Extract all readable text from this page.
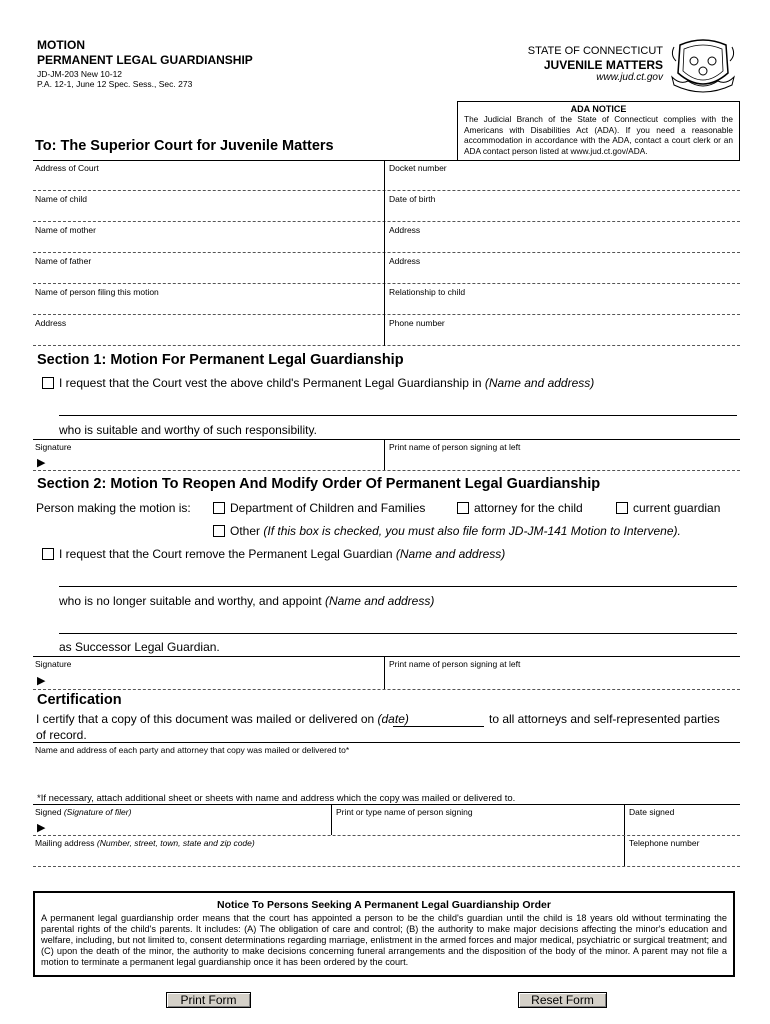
MOTION
PERMANENT LEGAL GUARDIANSHIP
JD-JM-203 New 10-12
P.A. 12-1, June 12 Spec. Sess., Sec. 273
STATE OF CONNECTICUT
JUVENILE MATTERS
www.jud.ct.gov
ADA NOTICE
The Judicial Branch of the State of Connecticut complies with the Americans with Disabilities Act (ADA). If you need a reasonable accommodation in accordance with the ADA, contact a court clerk or an ADA contact person listed at www.jud.ct.gov/ADA.
To: The Superior Court for Juvenile Matters
Address of Court	Docket number
Name of child	Date of birth
Name of mother	Address
Name of father	Address
Name of person filing this motion	Relationship to child
Address	Phone number
Section 1: Motion For Permanent Legal Guardianship
I request that the Court vest the above child's Permanent Legal Guardianship in (Name and address)
who is suitable and worthy of such responsibility.
Signature
▶
Print name of person signing at left
Section 2: Motion To Reopen And Modify Order Of Permanent Legal Guardianship
Person making the motion is:	Department of Children and Families	attorney for the child	current guardian
Other (If this box is checked, you must also file form JD-JM-141 Motion to Intervene).
I request that the Court remove the Permanent Legal Guardian (Name and address)
who is no longer suitable and worthy, and appoint (Name and address)
as Successor Legal Guardian.
Signature
▶
Print name of person signing at left
Certification
I certify that a copy of this document was mailed or delivered on (date)	to all attorneys and self-represented parties
of record.
Name and address of each party and attorney that copy was mailed or delivered to*
*If necessary, attach additional sheet or sheets with name and address which the copy was mailed or delivered to.
Signed (Signature of filer)
▶
Print or type name of person signing	Date signed
Mailing address (Number, street, town, state and zip code)	Telephone number
Notice To Persons Seeking A Permanent Legal Guardianship Order
A permanent legal guardianship order means that the court has appointed a person to be the child's guardian until the child is 18 years old without terminating the parental rights of the child's parents. It includes: (A) The obligation of care and control; (B) the authority to make major decisions affecting the minor's education and welfare, including, but not limited to, consent determinations regarding marriage, enlistment in the armed forces and major medical, psychiatric or surgical treatment; and (C) upon the death of the minor, the authority to make decisions concerning funeral arrangements and the disposition of the body of the minor. A parent may not file a motion to terminate a permanent legal guardianship once it has been ordered by the court.
Print Form	Reset Form
